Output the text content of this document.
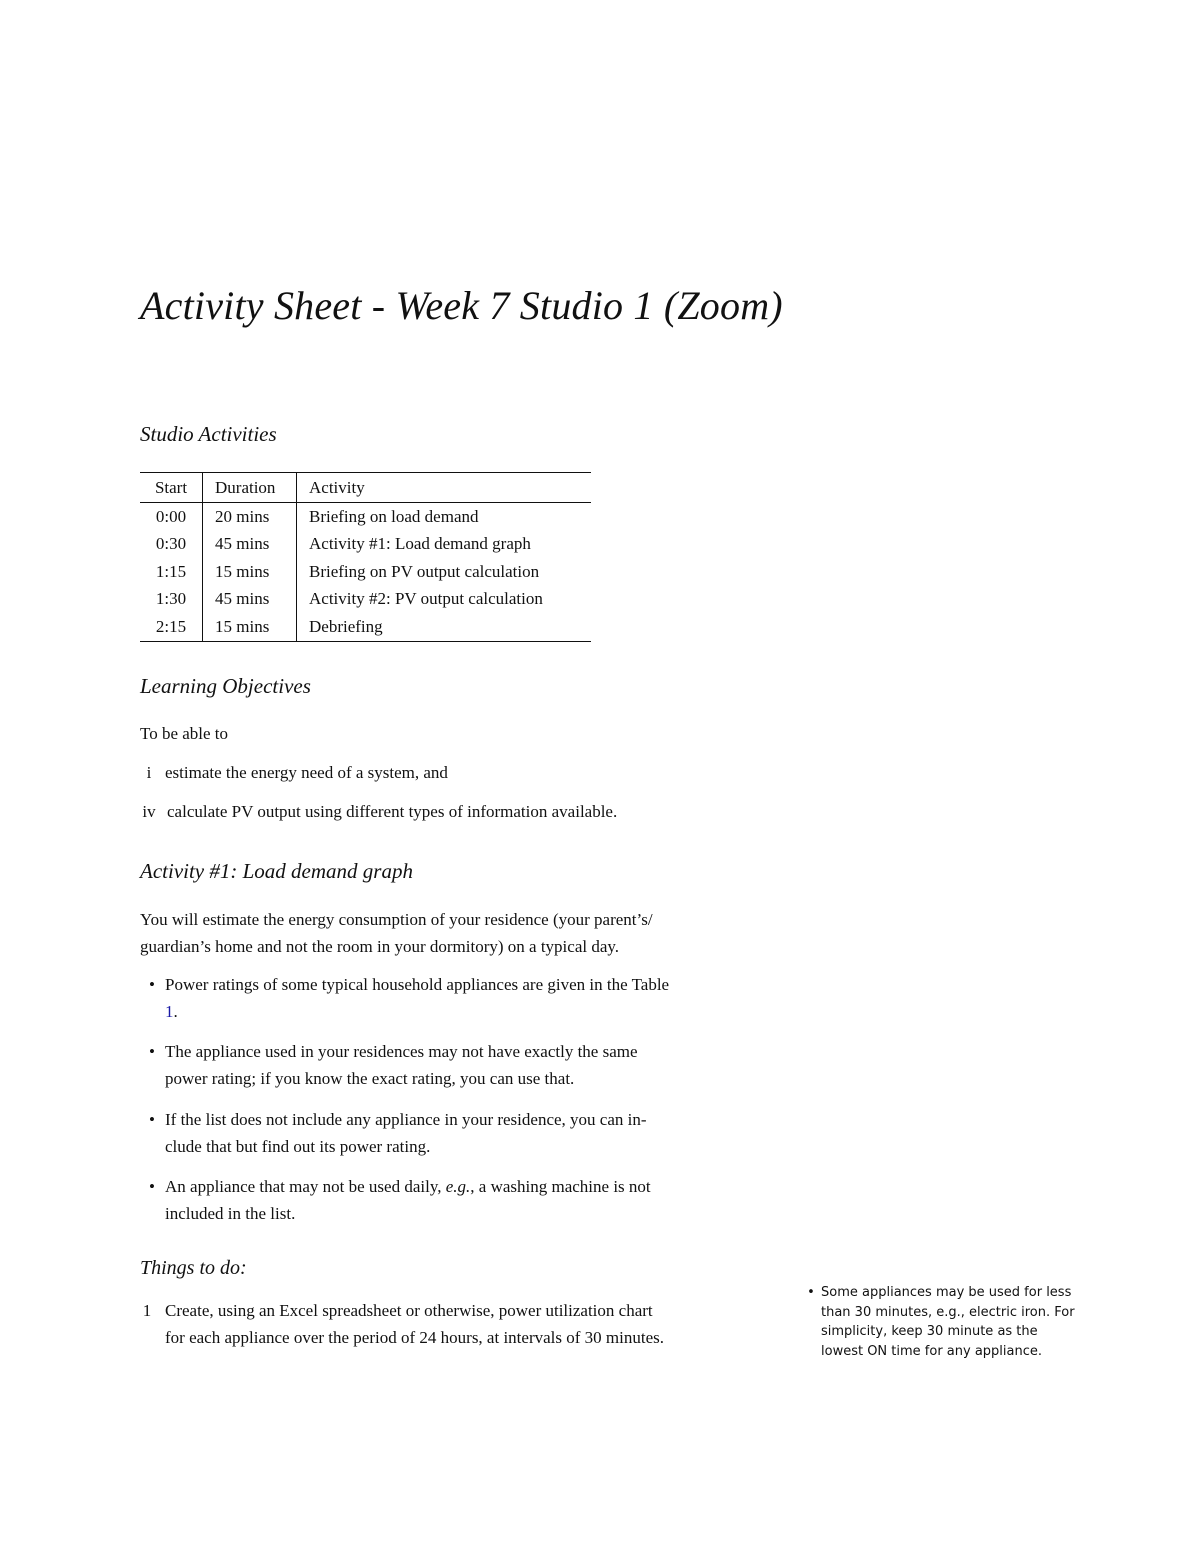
Activity Sheet - Week 7 Studio 1 (Zoom)
Studio Activities
Start	Duration	Activity
0:00	20 mins	Briefing on load demand
0:30	45 mins	Activity #1: Load demand graph
1:15	15 mins	Briefing on PV output calculation
1:30	45 mins	Activity #2: PV output calculation
2:15	15 mins	Debriefing
Learning Objectives

To be able to

i estimate the energy need of a system, and
iv calculate PV output using different types of information available.
Activity #1: Load demand graph

You will estimate the energy consumption of your residence (your parent’s/
guardian’s home and not the room in your dormitory) on a typical day.

• Power ratings of some typical household appliances are given in the Table
1.
• The appliance used in your residences may not have exactly the same
power rating; if you know the exact rating, you can use that.
• If the list does not include any appliance in your residence, you can in-
clude that but find out its power rating.
• An appliance that may not be used daily, e.g., a washing machine is not
included in the list.
Things to do:
1 Create, using an Excel spreadsheet or otherwise, power utilization chart
for each appliance over the period of 24 hours, at intervals of 30 minutes.
• Some appliances may be used for less than 30 minutes, e.g., electric iron. For simplicity, keep 30 minute as the lowest ON time for any appliance.
